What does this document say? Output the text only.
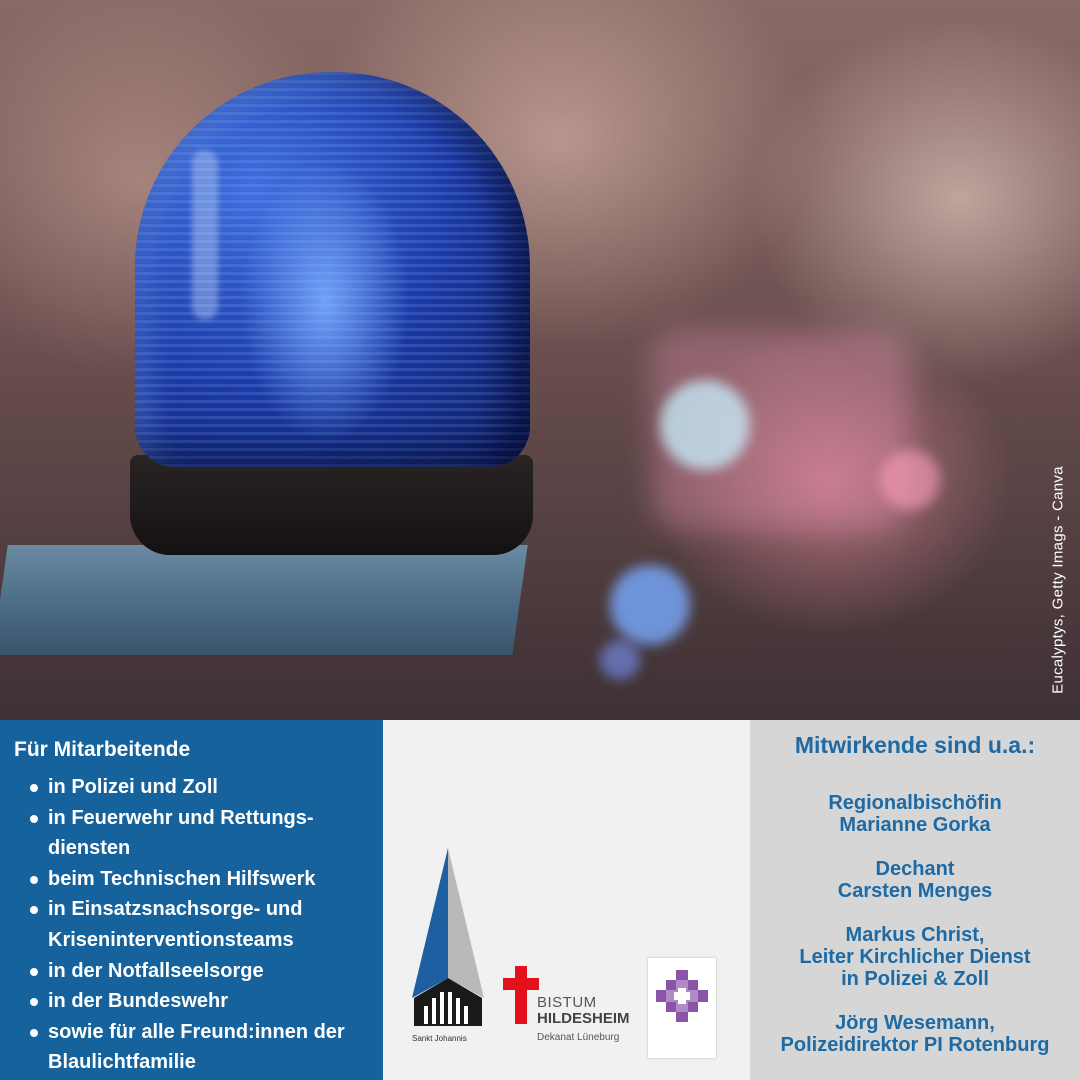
Eucalyptys, Getty Imags - Canva
Für Mitarbeitende
in Polizei und Zoll
in Feuerwehr und Rettungs-diensten
beim Technischen Hilfswerk
in Einsatzsnachsorge- und Kriseninterventionsteams
in der Notfallseelsorge
in der Bundeswehr
sowie für alle Freund:innen der Blaulichtfamilie
Sankt Johannis
BISTUM
HILDESHEIM
Dekanat Lüneburg
Mitwirkende sind u.a.:
Regionalbischöfin
Marianne Gorka
Dechant
Carsten Menges
Markus Christ,
Leiter Kirchlicher Dienst
in Polizei & Zoll
Jörg Wesemann,
Polizeidirektor PI Rotenburg
